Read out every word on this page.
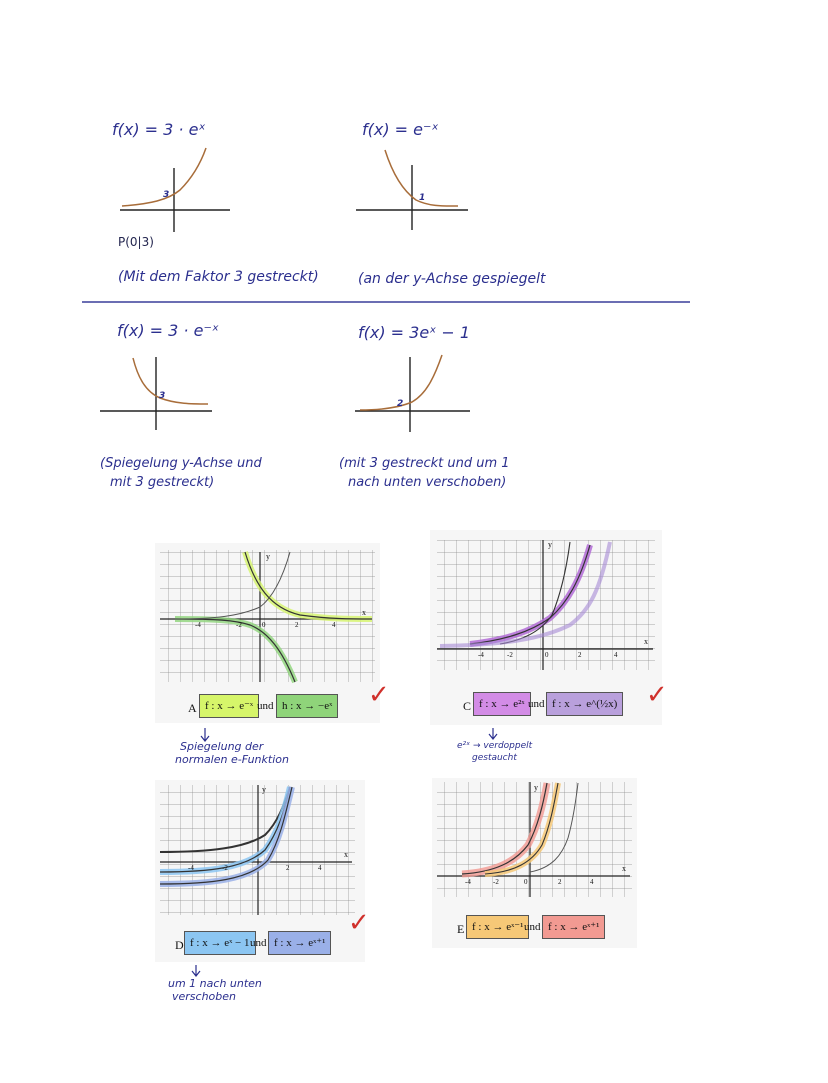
f(x) = 3 · eˣ	f(x) = e⁻ˣ
3	1
P(0|3)
(Mit dem Faktor 3 gestreckt)	(an der y-Achse gespiegelt
f(x) = 3 · e⁻ˣ	f(x) = 3eˣ − 1
3
2
(Spiegelung y-Achse und
mit 3 gestreckt)
(mit 3 gestreckt und um 1
nach unten verschoben)
-4	-2	0	2	4
y
x
-4	-2	0	2	4
y
x
-4	-2	2	4
y
x
-4	-2	0	2	4
y
x
A f : x → e⁻ˣ und h : x → −eˣ ✓
Spiegelung der
normalen e-Funktion
C f : x → e²ˣ und f : x → e^(½x) ✓
e²ˣ → verdoppelt
gestaucht
D f : x → eˣ − 1 und f : x → eˣ⁺¹
✓
um 1 nach unten
verschoben
E f : x → eˣ⁻¹ und f : x → eˣ⁺¹
